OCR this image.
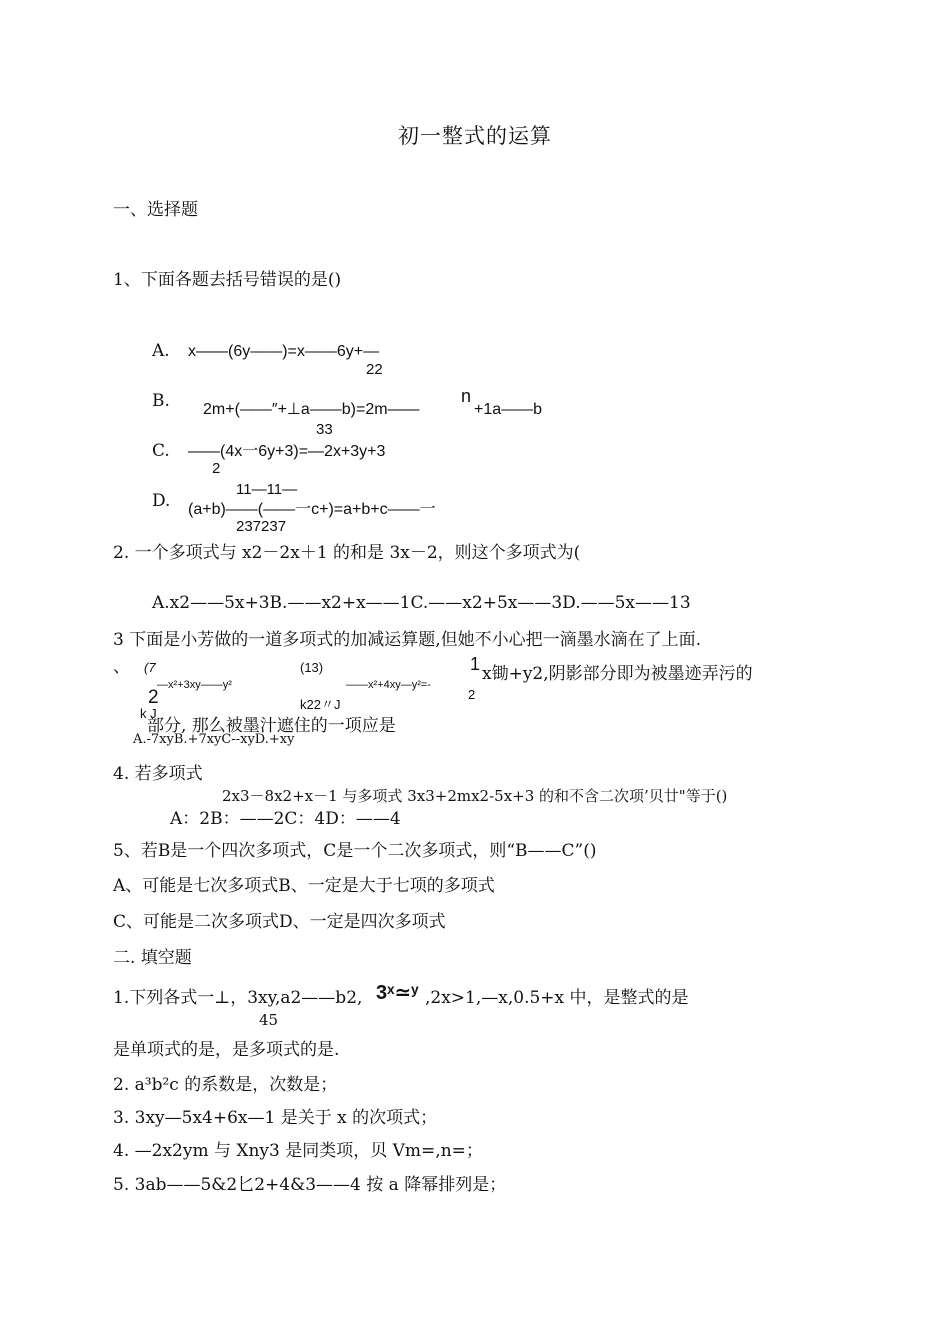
初一整式的运算
一、选择题
1、下面各题去括号错误的是()
A. x——(6y——)=x——6y+—
22
B. 2m+(——″+⊥a——b)=2m——
n
+1a——b
33
C. ——(4x一6y+3)=—2x+3y+3
2
D.
11—11—
(a+b)——(——一c+)=a+b+c——一
237237
2. 一个多项式与 x2－2x＋1 的和是 3x－2，则这个多项式为(
A.x2——5x+3B.——x2+x——1C.——x2+5x——3D.——5x——13
3 下面是小芳做的一道多项式的加减运算题,但她不小心把一滴墨水滴在了上面.
、 (7
2
—x²+3xy——y²
k J
(13)
k22〃J
——x²+4xy—y²=-
1
2
x锄+y2,阴影部分即为被墨迹弄污的
部分, 那么被墨汁遮住的一项应是
A.-7xyB.+7xyC--xyD.+xy
4. 若多项式
2x3－8x2+x－1 与多项式 3x3+2mx2-5x+3 的和不含二次项’贝廿"等于()
A：2B：——2C：4D：——4
5、若B是一个四次多项式，C是一个二次多项式，则“B——C”()
A、可能是七次多项式B、一定是大于七项的多项式
C、可能是二次多项式D、一定是四次多项式
二. 填空题
1.下列各式一⊥，3xy,a2——b2, 3ˣ≃ʸ ,2x>1,—x,0.5+x 中，是整式的是
45
是单项式的是，是多项式的是.
2. a³b²c 的系数是，次数是；
3. 3xy—5x4+6x—1 是关于 x 的次项式；
4. —2x2ym 与 Xny3 是同类项，贝 Vm=,n=；
5. 3ab——5&2匕2+4&3——4 按 a 降幂排列是；
